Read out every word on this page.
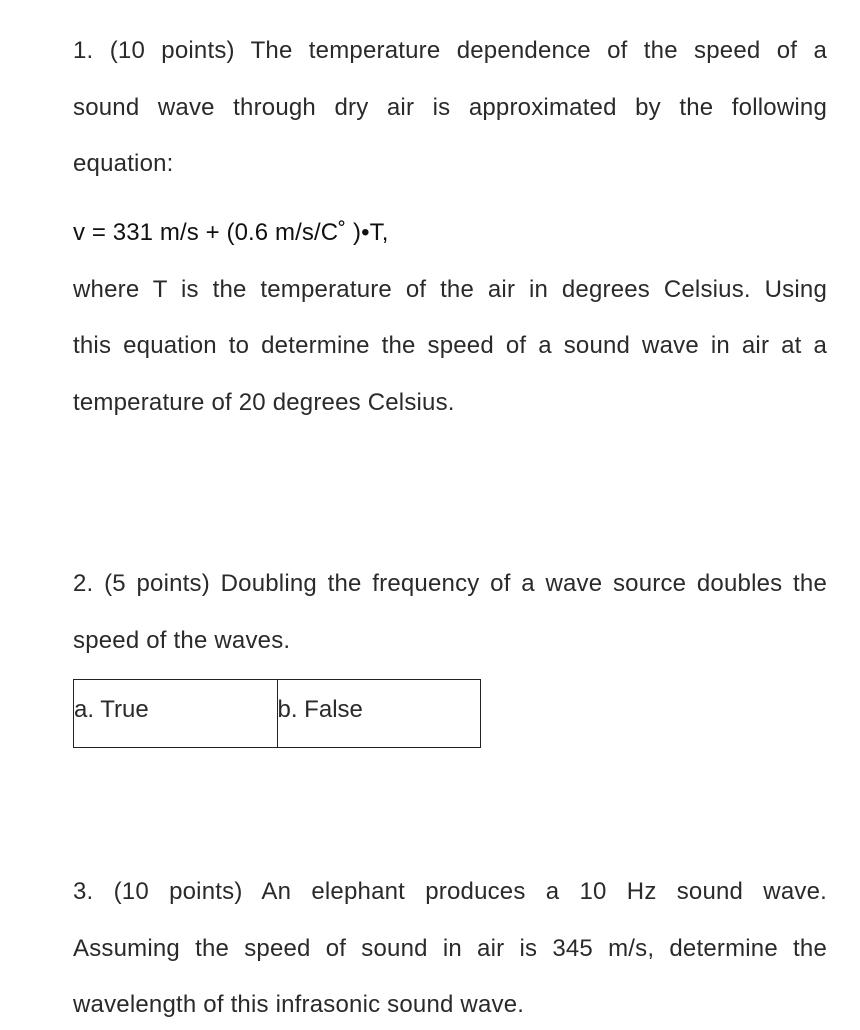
1. (10 points) The temperature dependence of the speed of a
sound wave through dry air is approximated by the following
equation:
v = 331 m/s + (0.6 m/s/C˚ )•T,
where T is the temperature of the air in degrees Celsius. Using
this equation to determine the speed of a sound wave in air at a
temperature of 20 degrees Celsius.
2. (5 points) Doubling the frequency of a wave source doubles the
speed of the waves.
a. True	b. False
3. (10 points) An elephant produces a 10 Hz sound wave.
Assuming the speed of sound in air is 345 m/s, determine the
wavelength of this infrasonic sound wave.
